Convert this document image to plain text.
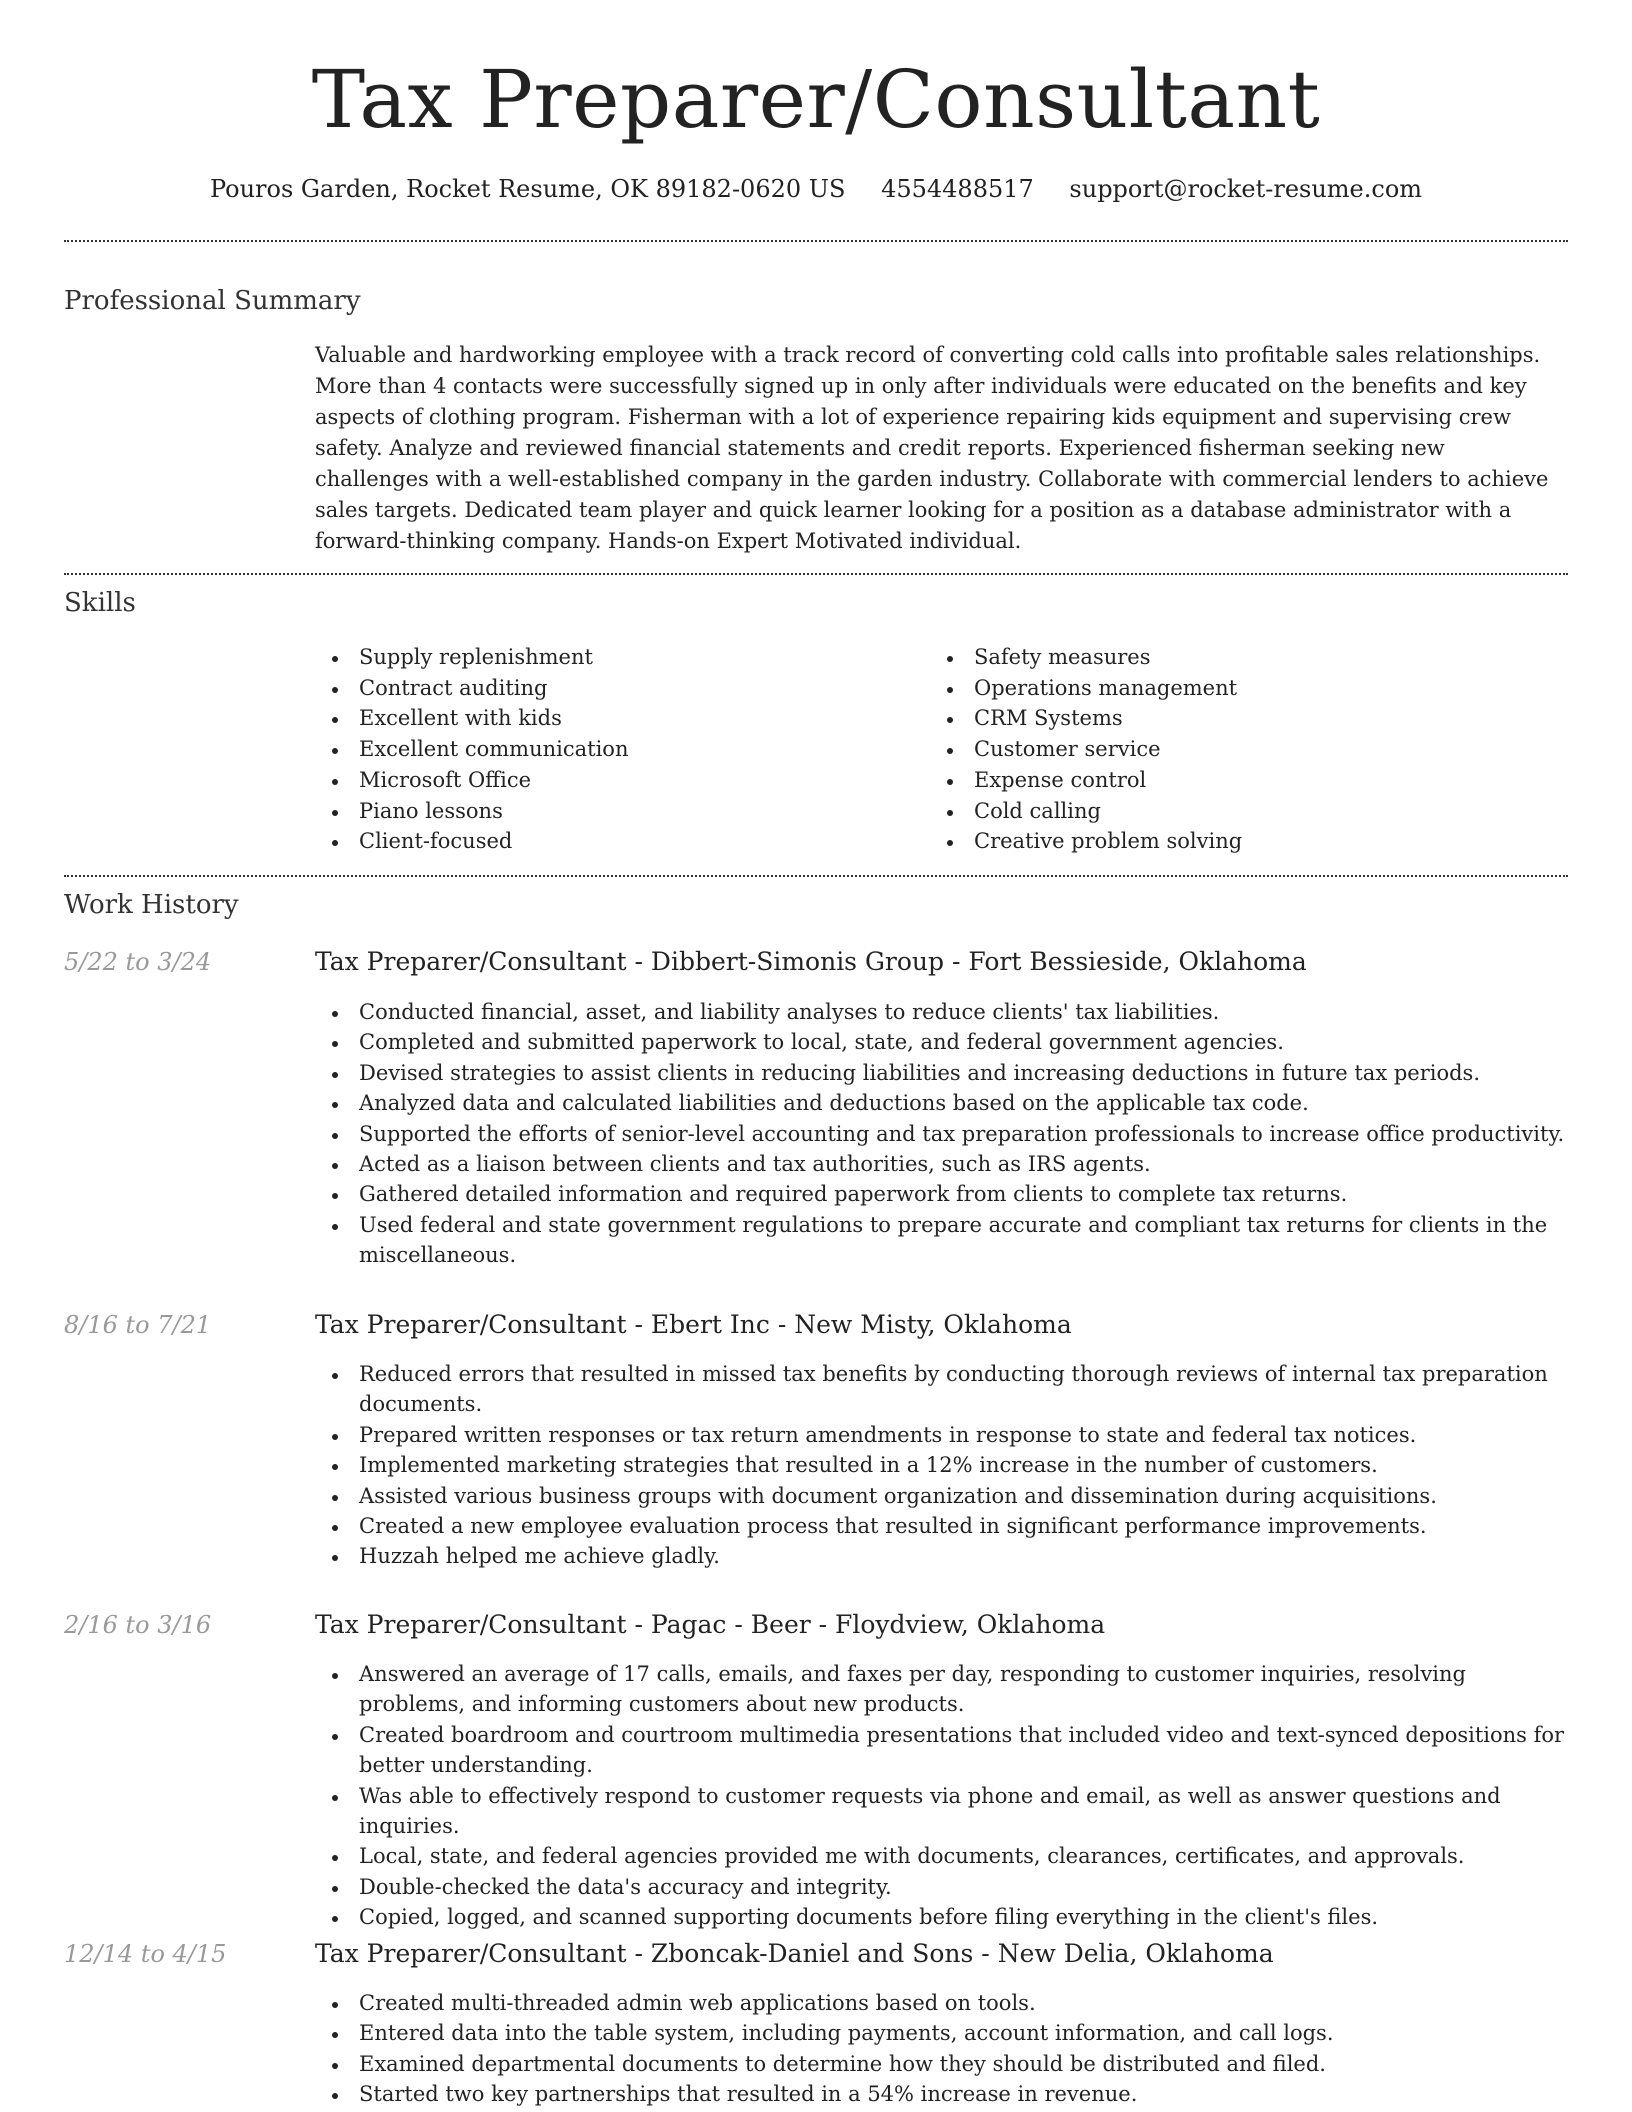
Tax Preparer/Consultant
Pouros Garden, Rocket Resume, OK 89182-0620 US 4554488517 support@rocket-resume.com
Professional Summary

Valuable and hardworking employee with a track record of converting cold calls into profitable sales relationships. More than 4 contacts were successfully signed up in only after individuals were educated on the benefits and key aspects of clothing program. Fisherman with a lot of experience repairing kids equipment and supervising crew safety. Analyze and reviewed financial statements and credit reports. Experienced fisherman seeking new challenges with a well-established company in the garden industry. Collaborate with commercial lenders to achieve sales targets. Dedicated team player and quick learner looking for a position as a database administrator with a forward-thinking company. Hands-on Expert Motivated individual.

Skills
Supply replenishment
Contract auditing
Excellent with kids
Excellent communication
Microsoft Office
Piano lessons
Client-focused
Safety measures
Operations management
CRM Systems
Customer service
Expense control
Cold calling
Creative problem solving
Work History
5/22 to 3/24	Tax Preparer/Consultant - Dibbert-Simonis Group - Fort Bessieside, Oklahoma
Conducted financial, asset, and liability analyses to reduce clients' tax liabilities.
Completed and submitted paperwork to local, state, and federal government agencies.
Devised strategies to assist clients in reducing liabilities and increasing deductions in future tax periods.
Analyzed data and calculated liabilities and deductions based on the applicable tax code.
Supported the efforts of senior-level accounting and tax preparation professionals to increase office productivity.
Acted as a liaison between clients and tax authorities, such as IRS agents.
Gathered detailed information and required paperwork from clients to complete tax returns.
Used federal and state government regulations to prepare accurate and compliant tax returns for clients in the miscellaneous.
8/16 to 7/21	Tax Preparer/Consultant - Ebert Inc - New Misty, Oklahoma
Reduced errors that resulted in missed tax benefits by conducting thorough reviews of internal tax preparation documents.
Prepared written responses or tax return amendments in response to state and federal tax notices.
Implemented marketing strategies that resulted in a 12% increase in the number of customers.
Assisted various business groups with document organization and dissemination during acquisitions.
Created a new employee evaluation process that resulted in significant performance improvements.
Huzzah helped me achieve gladly.
2/16 to 3/16	Tax Preparer/Consultant - Pagac - Beer - Floydview, Oklahoma
Answered an average of 17 calls, emails, and faxes per day, responding to customer inquiries, resolving problems, and informing customers about new products.
Created boardroom and courtroom multimedia presentations that included video and text-synced depositions for better understanding.
Was able to effectively respond to customer requests via phone and email, as well as answer questions and inquiries.
Local, state, and federal agencies provided me with documents, clearances, certificates, and approvals.
Double-checked the data's accuracy and integrity.
Copied, logged, and scanned supporting documents before filing everything in the client's files.
12/14 to 4/15	Tax Preparer/Consultant - Zboncak-Daniel and Sons - New Delia, Oklahoma
Created multi-threaded admin web applications based on tools.
Entered data into the table system, including payments, account information, and call logs.
Examined departmental documents to determine how they should be distributed and filed.
Started two key partnerships that resulted in a 54% increase in revenue.
